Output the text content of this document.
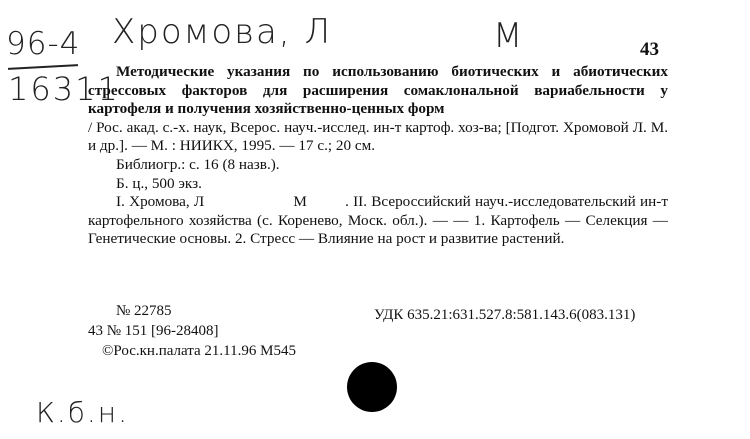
96-4
16311
Хромова, Л	М	43

Методические указания по использованию биотических и абиотических стрессовых факторов для расширения сомаклональной вариабельности у картофеля и получения хозяйственно-ценных форм

/ Рос. акад. с.-х. наук, Всерос. науч.-исслед. ин-т картоф. хоз-ва; [Подгот. Хромовой Л. М. и др.]. — М. : НИИКХ, 1995. — 17 с.; 20 см.

Библиогр.: с. 16 (8 назв.).

Б. ц., 500 экз.

I. Хромова, Л                     М         . II. Всероссийский науч.-исследовательский ин-т картофельного хозяйства (с. Коренево, Моск. обл.). — — 1. Картофель — Селекция — Генетические основы. 2. Стресс — Влияние на рост и развитие растений.

№ 22785	УДК 635.21:631.527.8:581.143.6(083.131)
43 № 151 [96-28408]
©Рос.кн.палата 21.11.96 М545
К.б.н.
